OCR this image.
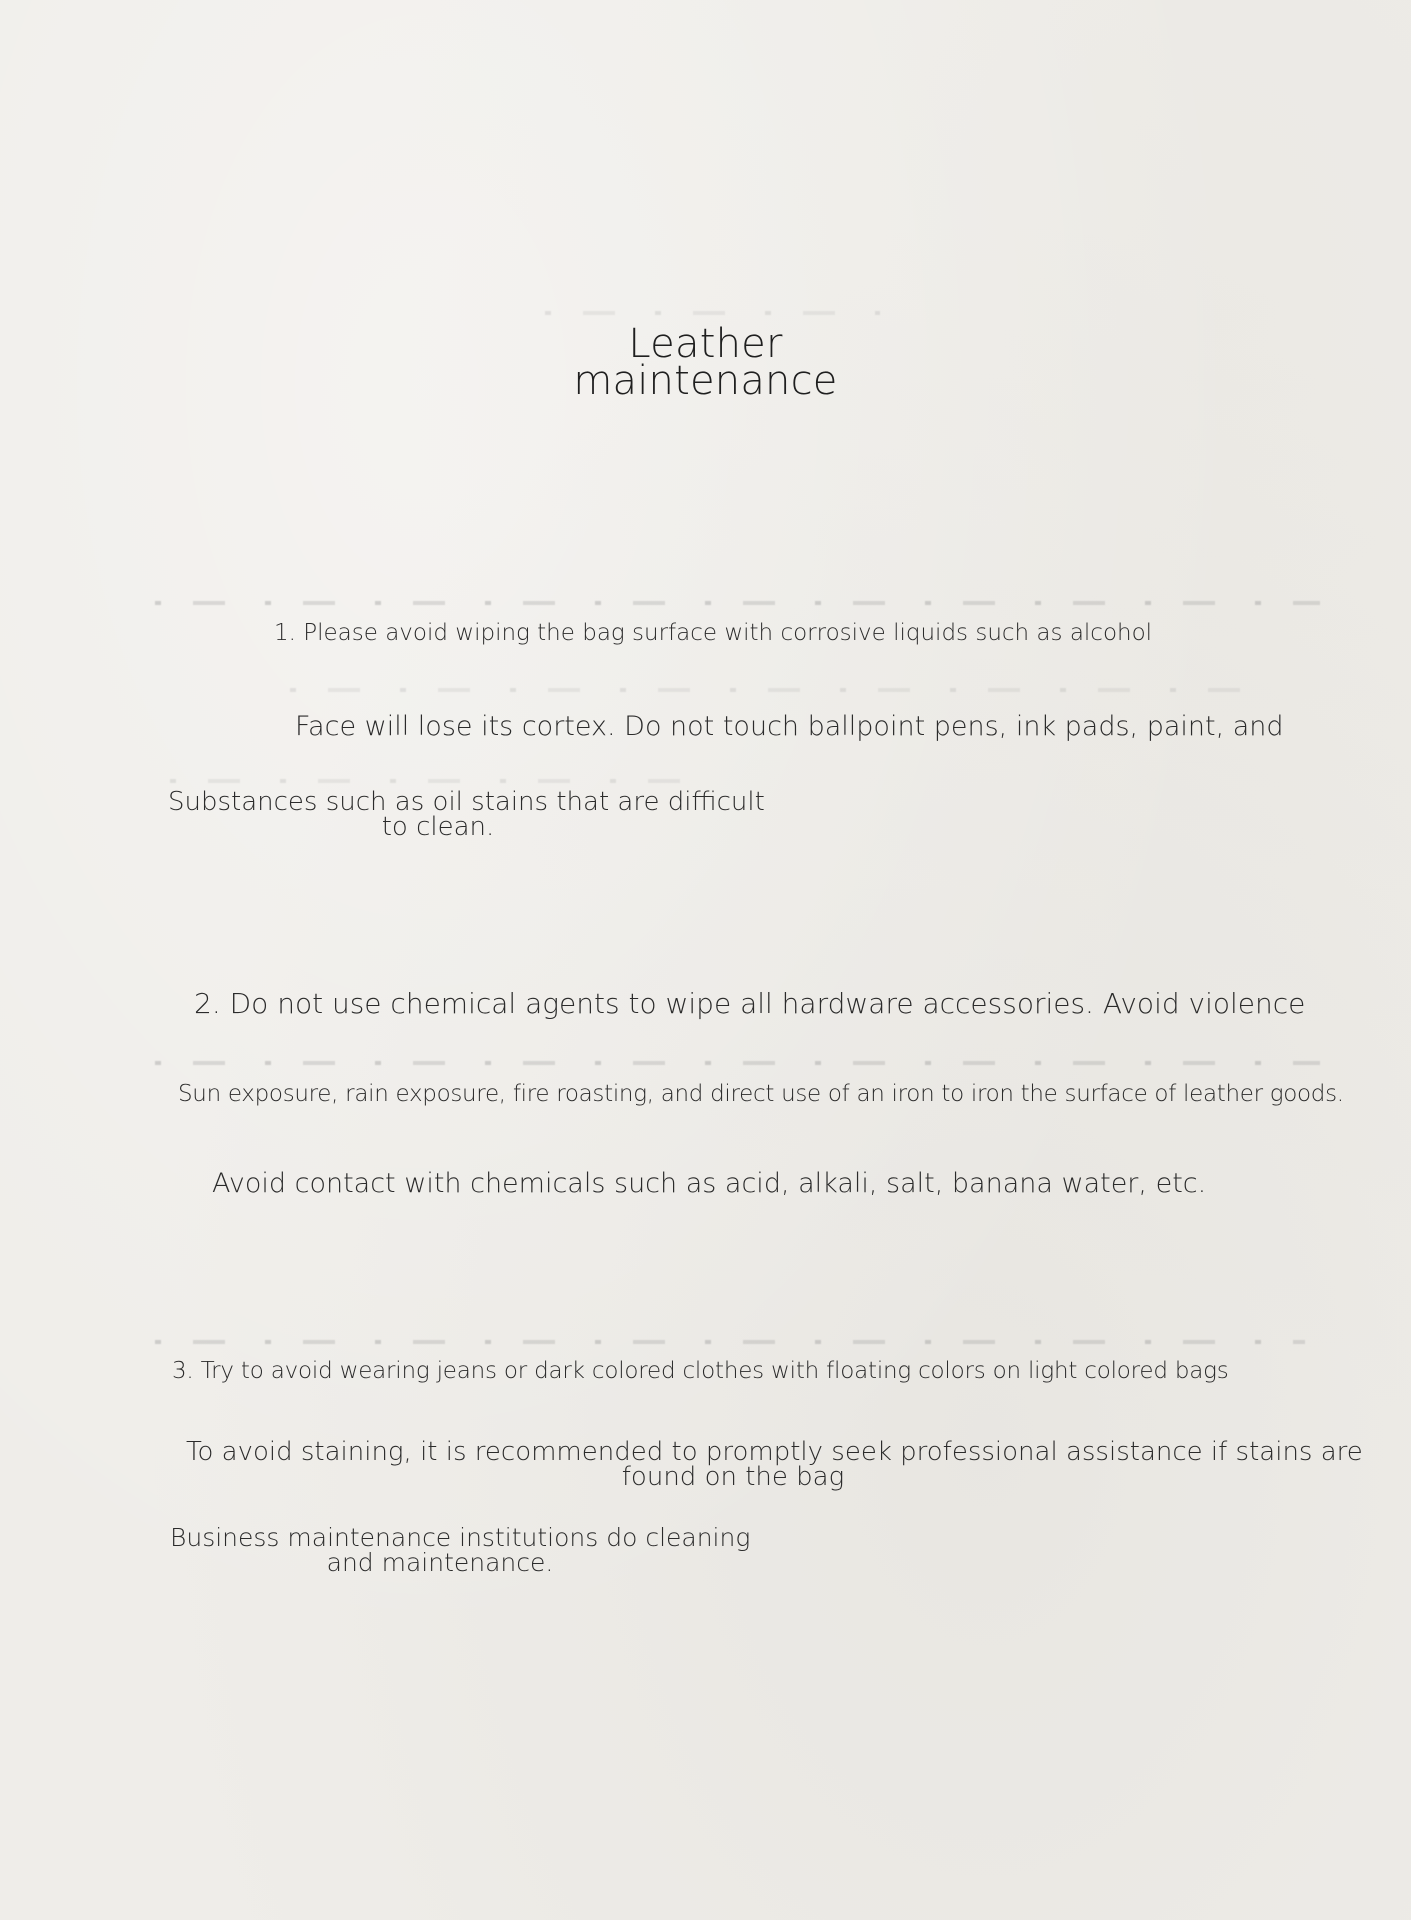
Leather
maintenance
1. Please avoid wiping the bag surface with corrosive liquids such as alcohol
Face will lose its cortex. Do not touch ballpoint pens, ink pads, paint, and
Substances such as oil stains that are difficult
to clean.
2. Do not use chemical agents to wipe all hardware accessories. Avoid violence
Sun exposure, rain exposure, fire roasting, and direct use of an iron to iron the surface of leather goods.
Avoid contact with chemicals such as acid, alkali, salt, banana water, etc.
3. Try to avoid wearing jeans or dark colored clothes with floating colors on light colored bags
To avoid staining, it is recommended to promptly seek professional assistance if stains are
found on the bag
Business maintenance institutions do cleaning
and maintenance.
